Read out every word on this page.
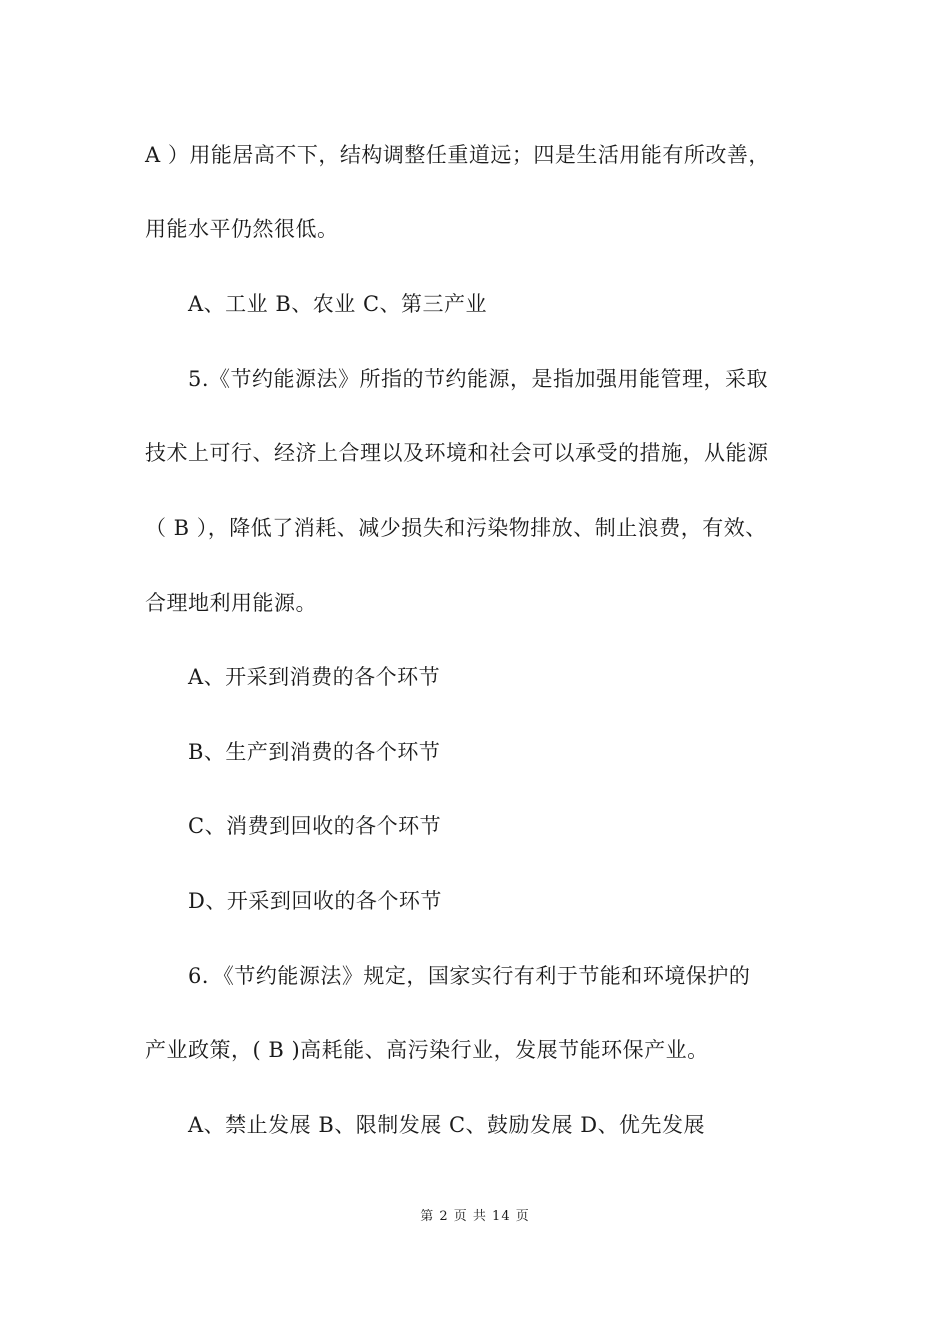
A ）用能居高不下，结构调整任重道远；四是生活用能有所改善，
用能水平仍然很低。
A、工业 B、农业 C、第三产业
5.《节约能源法》所指的节约能源，是指加强用能管理，采取
技术上可行、经济上合理以及环境和社会可以承受的措施，从能源
（ B ），降低了消耗、减少损失和污染物排放、制止浪费，有效、
合理地利用能源。
A、开采到消费的各个环节
B、生产到消费的各个环节
C、消费到回收的各个环节
D、开采到回收的各个环节
6．《节约能源法》规定，国家实行有利于节能和环境保护的
产业政策，( B )高耗能、高污染行业，发展节能环保产业。
A、禁止发展 B、限制发展 C、鼓励发展 D、优先发展
第 2 页 共 14 页
